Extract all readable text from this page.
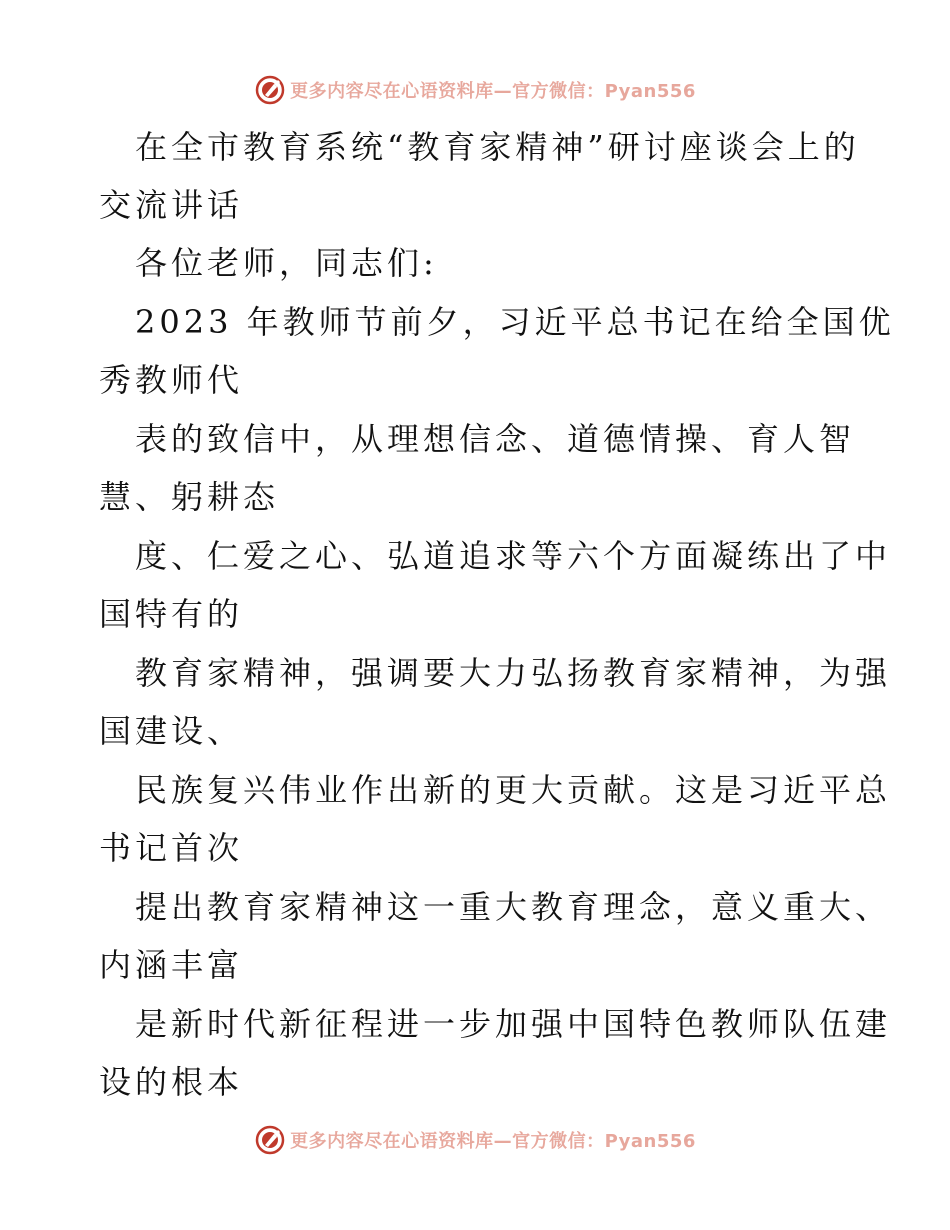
更多内容尽在心语资料库—官方微信：Pyan556
在全市教育系统“教育家精神”研讨座谈会上的
交流讲话
各位老师，同志们:
2023 年教师节前夕，习近平总书记在给全国优
秀教师代
表的致信中，从理想信念、道德情操、育人智
慧、躬耕态
度、仁爱之心、弘道追求等六个方面凝练出了中
国特有的
教育家精神，强调要大力弘扬教育家精神，为强
国建设、
民族复兴伟业作出新的更大贡献。这是习近平总
书记首次
提出教育家精神这一重大教育理念，意义重大、
内涵丰富
是新时代新征程进一步加强中国特色教师队伍建
设的根本
更多内容尽在心语资料库—官方微信：Pyan556
